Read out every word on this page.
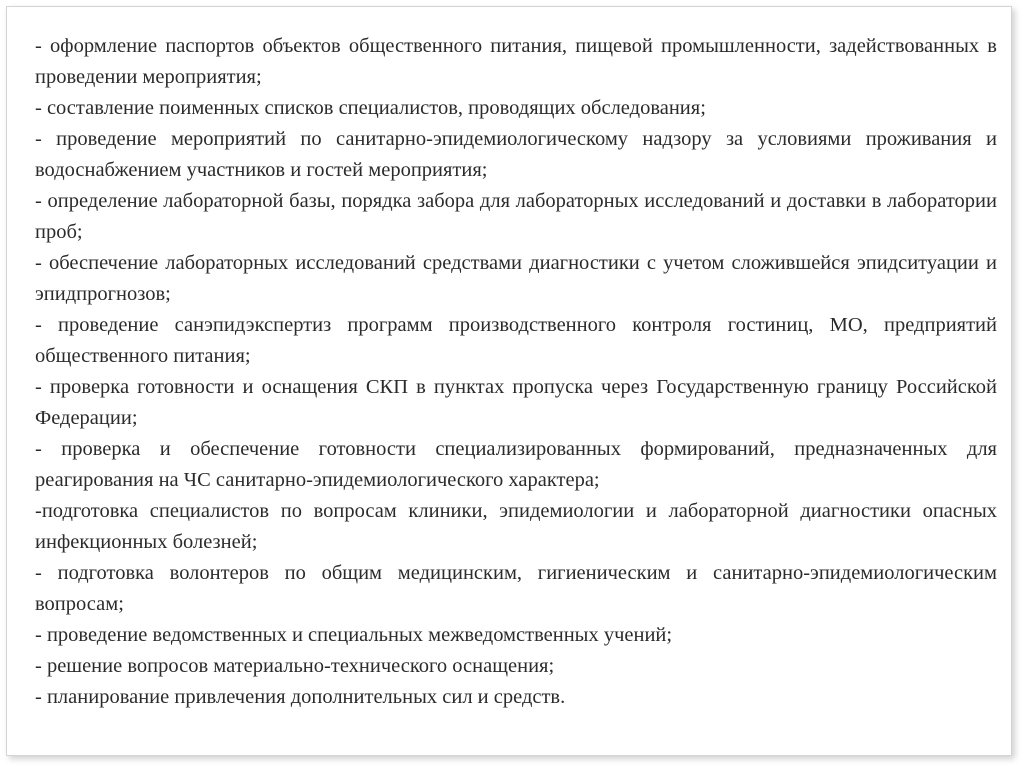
- оформление паспортов объектов общественного питания, пищевой промышленности, задействованных в проведении мероприятия;

- составление поименных списков специалистов, проводящих обследования;

- проведение мероприятий по санитарно-эпидемиологическому надзору за условиями проживания и водоснабжением участников и гостей мероприятия;

- определение лабораторной базы, порядка забора для лабораторных исследований и доставки в лаборатории проб;

- обеспечение лабораторных исследований средствами диагностики с учетом сложившейся эпидситуации и эпидпрогнозов;

- проведение санэпидэкспертиз программ производственного контроля гостиниц, МО, предприятий общественного питания;

- проверка готовности и оснащения СКП в пунктах пропуска через Государственную границу Российской Федерации;

- проверка и обеспечение готовности специализированных формирований, предназначенных для реагирования на ЧС санитарно-эпидемиологического характера;

-подготовка специалистов по вопросам клиники, эпидемиологии и лабораторной диагностики опасных инфекционных болезней;

- подготовка волонтеров по общим медицинским, гигиеническим и санитарно-эпидемиологическим вопросам;

- проведение ведомственных и специальных межведомственных учений;

- решение вопросов материально-технического оснащения;

- планирование привлечения дополнительных сил и средств.
